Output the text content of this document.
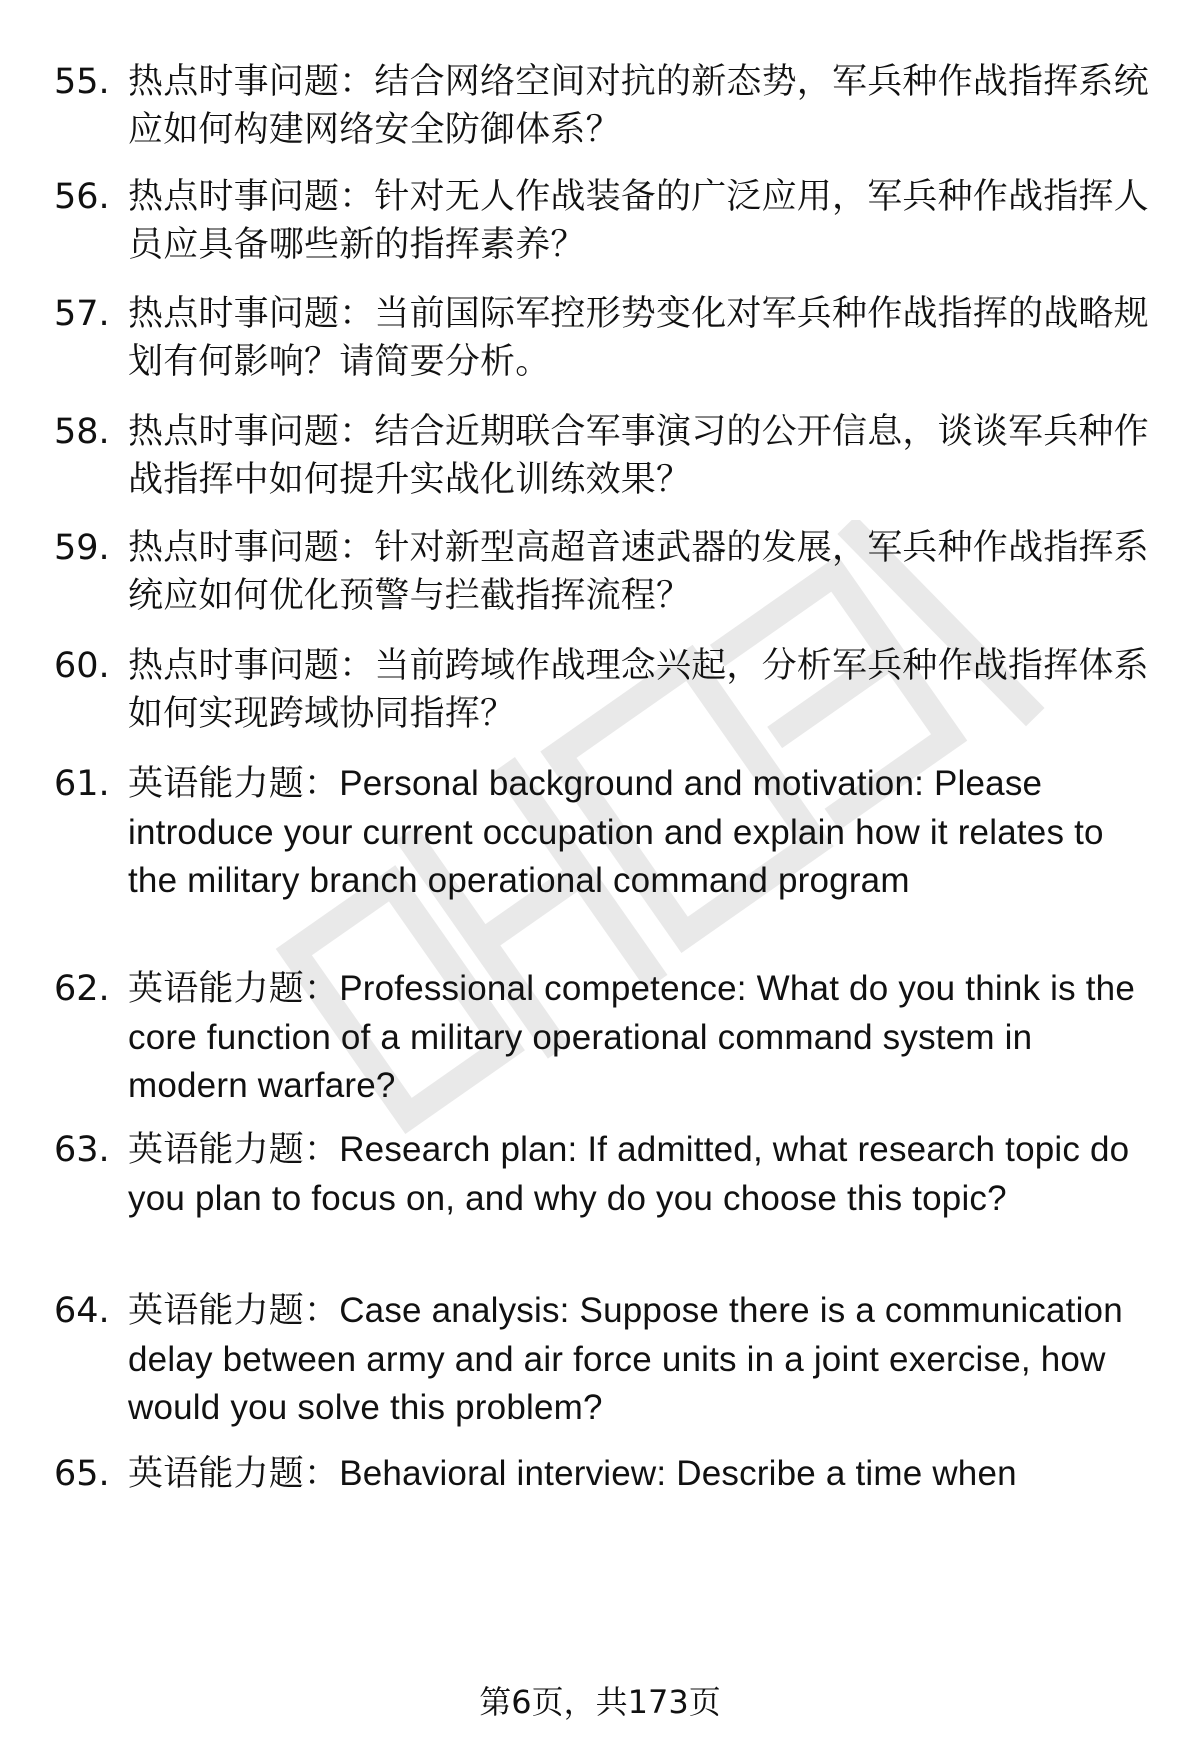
55. 热点时事问题：结合网络空间对抗的新态势，军兵种作战指挥系统应如何构建网络安全防御体系？
56. 热点时事问题：针对无人作战装备的广泛应用，军兵种作战指挥人员应具备哪些新的指挥素养？
57. 热点时事问题：当前国际军控形势变化对军兵种作战指挥的战略规划有何影响？请简要分析。
58. 热点时事问题：结合近期联合军事演习的公开信息，谈谈军兵种作战指挥中如何提升实战化训练效果？
59. 热点时事问题：针对新型高超音速武器的发展，军兵种作战指挥系统应如何优化预警与拦截指挥流程？
60. 热点时事问题：当前跨域作战理念兴起，分析军兵种作战指挥体系如何实现跨域协同指挥？
61. 英语能力题：Personal background and motivation: Please introduce your current occupation and explain how it relates to the military branch operational command program
62. 英语能力题：Professional competence: What do you think is the core function of a military operational command system in modern warfare?
63. 英语能力题：Research plan: If admitted, what research topic do you plan to focus on, and why do you choose this topic?
64. 英语能力题：Case analysis: Suppose there is a communication delay between army and air force units in a joint exercise, how would you solve this problem?
65. 英语能力题：Behavioral interview: Describe a time when
第6页，共173页
